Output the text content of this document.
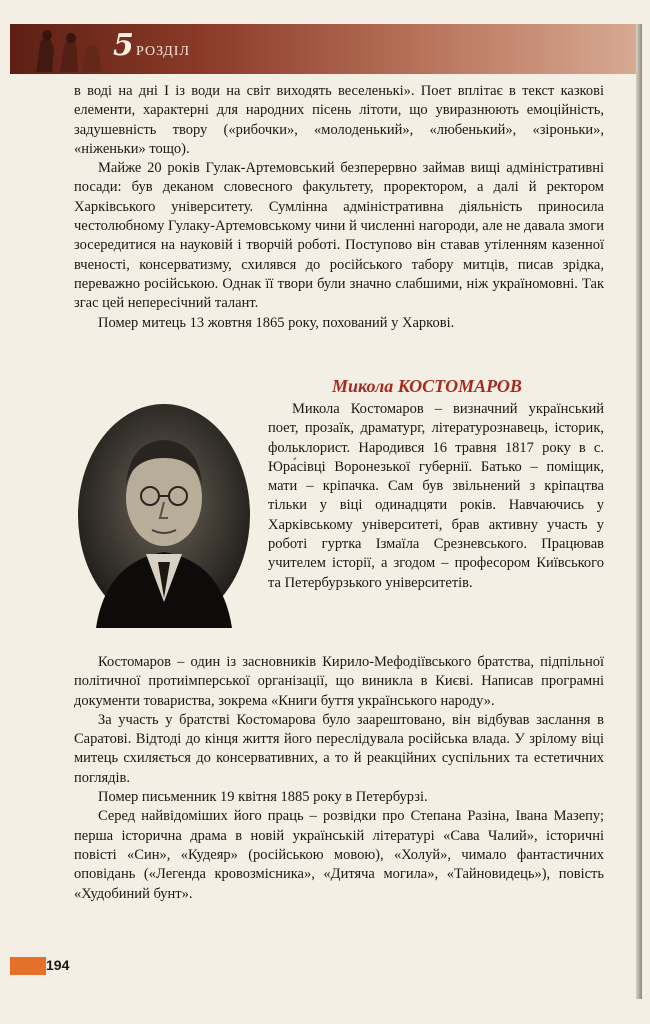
5 РОЗДІЛ

в воді на дні І із води на світ виходять веселенькі». Поет вплітає в текст казкові елементи, характерні для народних пісень літоти, що увиразнюють емоційність, задушевність твору («рибочки», «молоденький», «любенький», «зіроньки», «ніженьки» тощо).

Майже 20 років Гулак-Артемовський безперервно займав вищі адміністративні посади: був деканом словесного факультету, проректором, а далі й ректором Харківського університету. Сумлінна адміністративна діяльність приносила честолюбному Гулаку-Артемовському чини й численні нагороди, але не давала змоги зосередитися на науковій і творчій роботі. Поступово він ставав утіленням казенної вченості, консерватизму, схилявся до російського табору митців, писав зрідка, переважно російською. Однак її твори були значно слабшими, ніж україномовні. Так згас цей непересічний талант.

Помер митець 13 жовтня 1865 року, похований у Харкові.

Микола КОСТОМАРОВ

Микола Костомаров – визначний український поет, прозаїк, драматург, літературознавець, історик, фольклорист. Народився 16 травня 1817 року в с. Юра́сівці Воронезької губернії. Батько – поміщик, мати – кріпачка. Сам був звільнений з кріпацтва тільки у віці одинадцяти років. Навчаючись у Харківському університеті, брав активну участь у роботі гуртка Ізмаїла Срезневського. Працював учителем історії, а згодом – професором Київського та Петербурзького університетів.

Костомаров – один із засновників Кирило-Мефодіївського братства, підпільної політичної протиімперської організації, що виникла в Києві. Написав програмні документи товариства, зокрема «Книги буття українського народу».

За участь у братстві Костомарова було заарештовано, він відбував заслання в Саратові. Відтоді до кінця життя його переслідувала російська влада. У зрілому віці митець схиляється до консервативних, а то й реакційних суспільних та естетичних поглядів.

Помер письменник 19 квітня 1885 року в Петербурзі.

Серед найвідоміших його праць – розвідки про Степана Разіна, Івана Мазепу; перша історична драма в новій українській літературі «Сава Чалий», історичні повісті «Син», «Кудеяр» (російською мовою), «Холуй», чимало фантастичних оповідань («Легенда кровозмісника», «Дитяча могила», «Тайновидець»), повість «Худобиний бунт».

194
